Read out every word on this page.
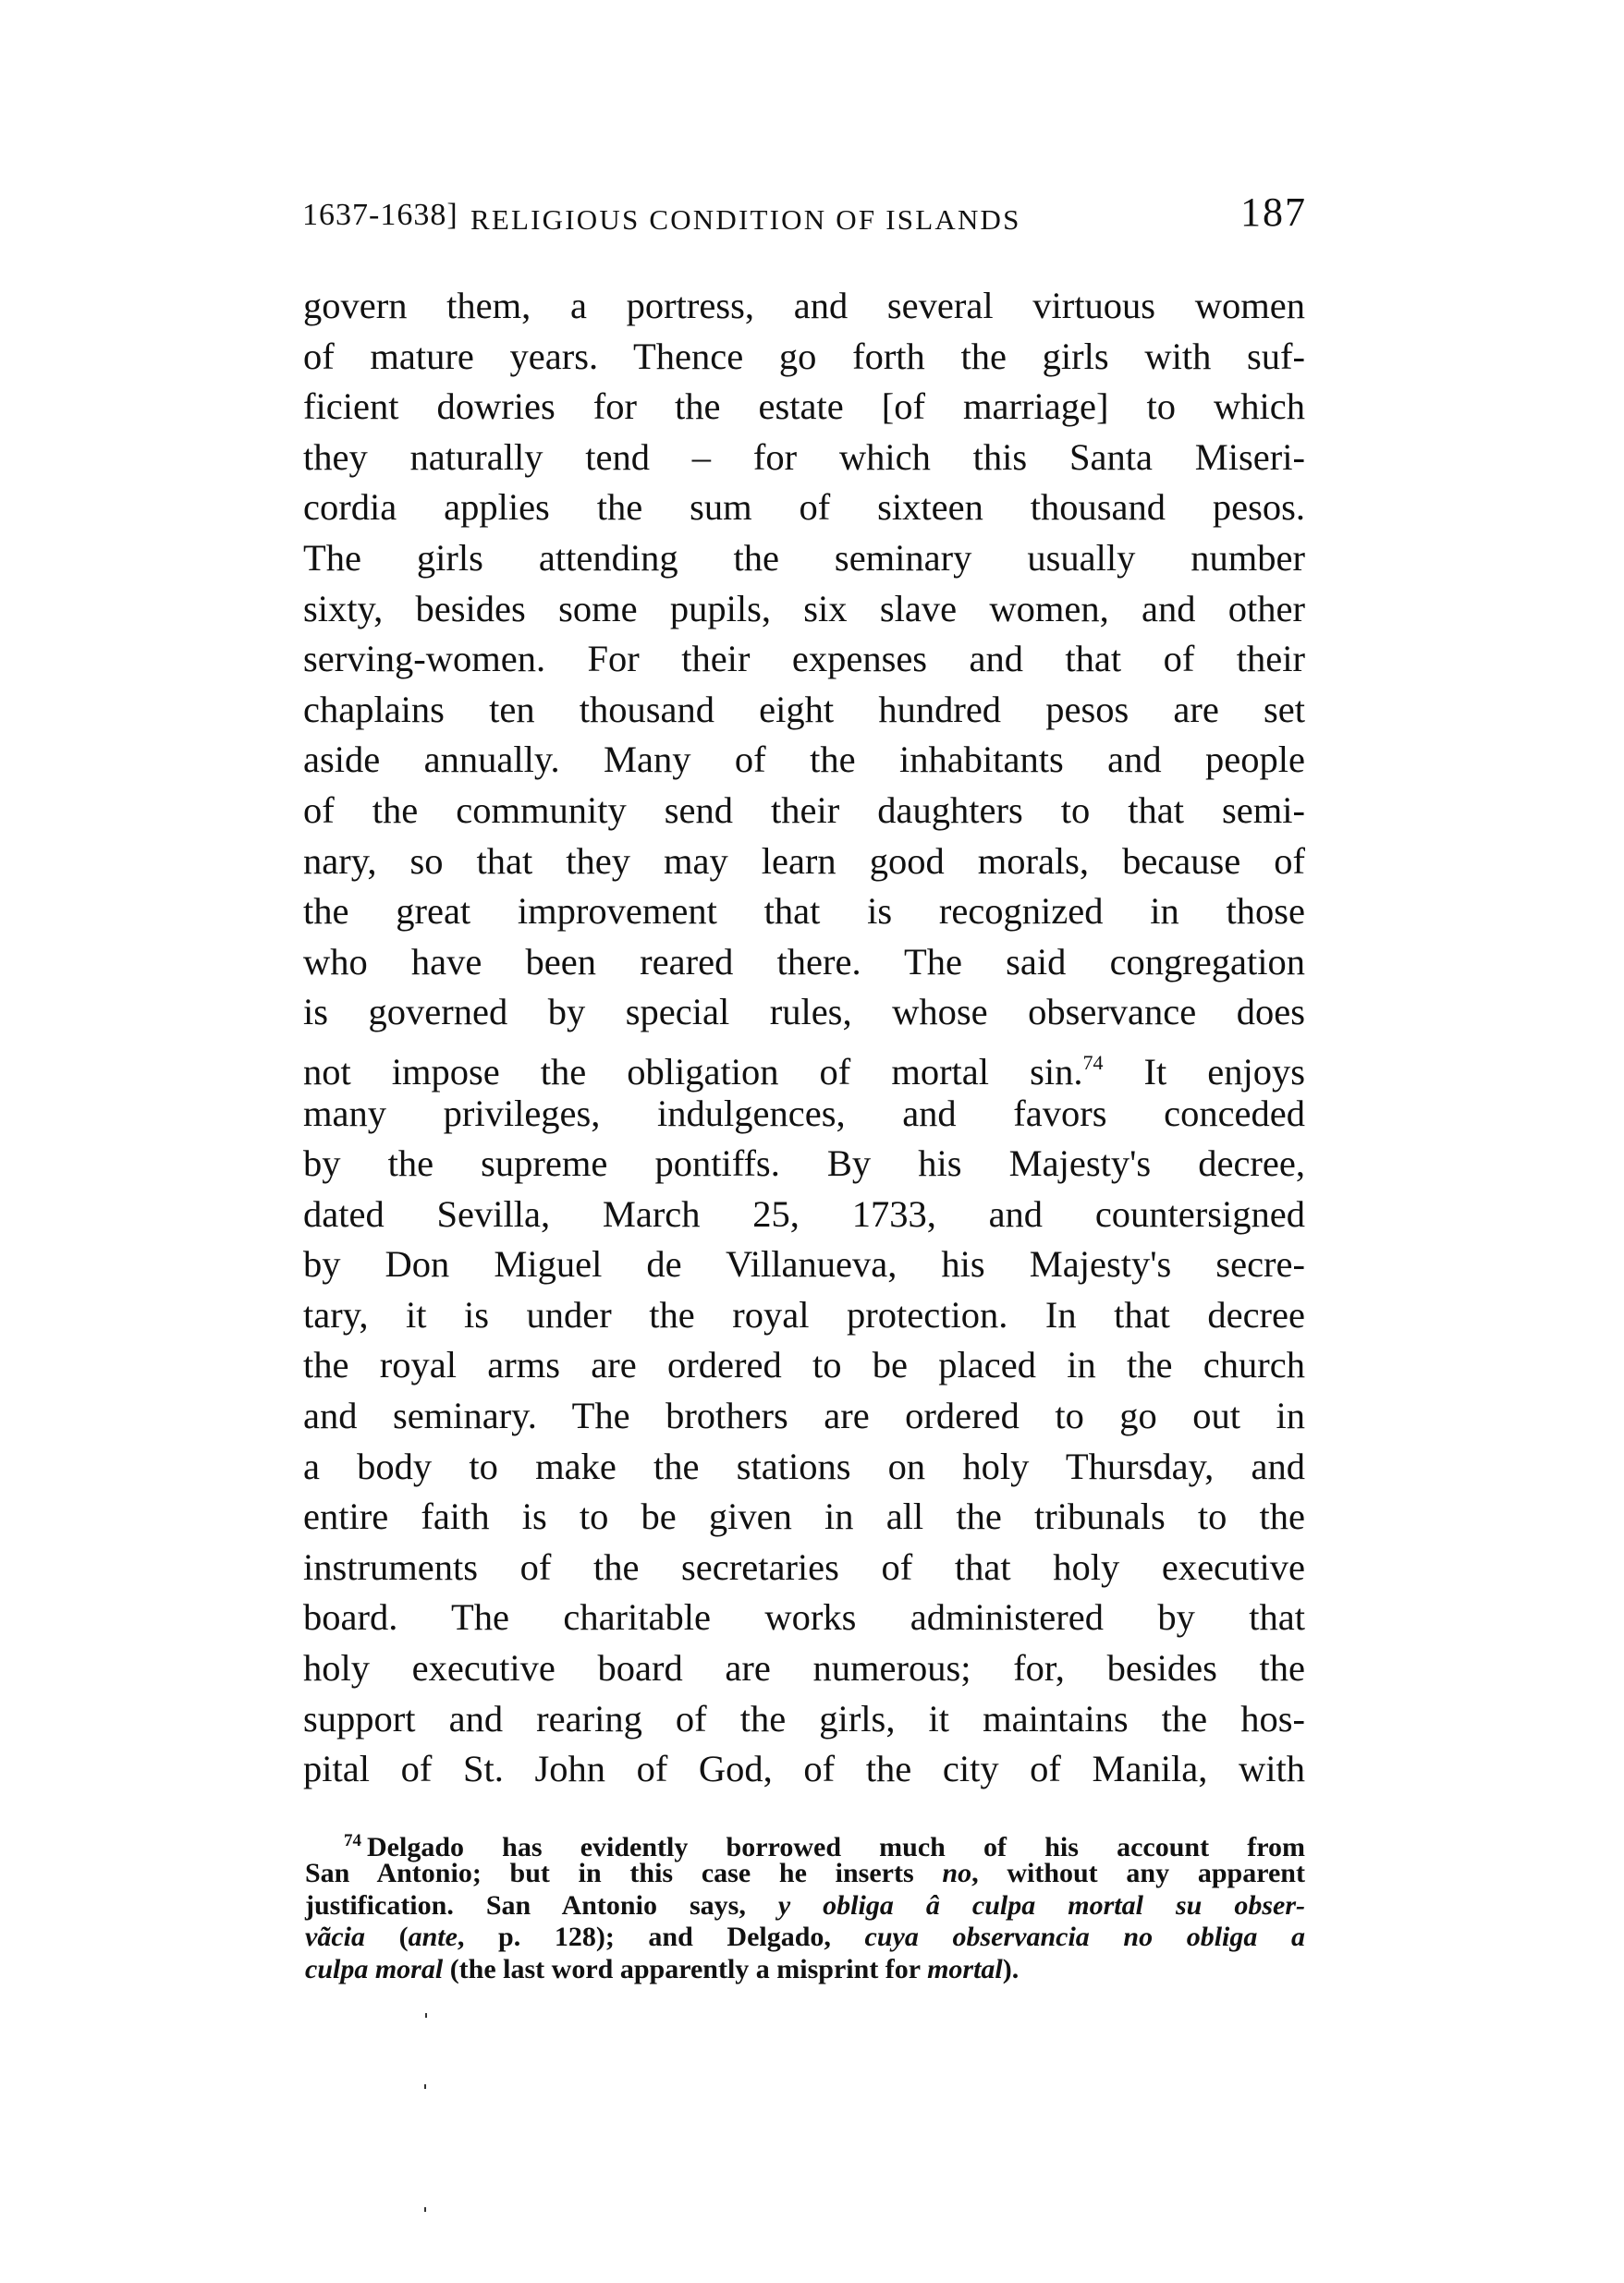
1637-1638] RELIGIOUS CONDITION OF ISLANDS	187
govern them, a portress, and several virtuous women
of mature years. Thence go forth the girls with suf-
ficient dowries for the estate [of marriage] to which
they naturally tend – for which this Santa Miseri-
cordia applies the sum of sixteen thousand pesos.
The girls attending the seminary usually number
sixty, besides some pupils, six slave women, and other
serving-women. For their expenses and that of their
chaplains ten thousand eight hundred pesos are set
aside annually. Many of the inhabitants and people
of the community send their daughters to that semi-
nary, so that they may learn good morals, because of
the great improvement that is recognized in those
who have been reared there. The said congregation
is governed by special rules, whose observance does
not impose the obligation of mortal sin.$^{74}$ It enjoys
many privileges, indulgences, and favors conceded
by the supreme pontiffs. By his Majesty's decree,
dated Sevilla, March 25, 1733, and countersigned
by Don Miguel de Villanueva, his Majesty's secre-
tary, it is under the royal protection. In that decree
the royal arms are ordered to be placed in the church
and seminary. The brothers are ordered to go out in
a body to make the stations on holy Thursday, and
entire faith is to be given in all the tribunals to the
instruments of the secretaries of that holy executive
board. The charitable works administered by that
holy executive board are numerous; for, besides the
support and rearing of the girls, it maintains the hos-
pital of St. John of God, of the city of Manila, with
$^{74}$ Delgado has evidently borrowed much of his account from
San Antonio; but in this case he inserts no, without any apparent
justification. San Antonio says, y obliga â culpa mortal su obser-
vãcia (ante, p. 128); and Delgado, cuya observancia no obliga a
culpa moral (the last word apparently a misprint for mortal).
